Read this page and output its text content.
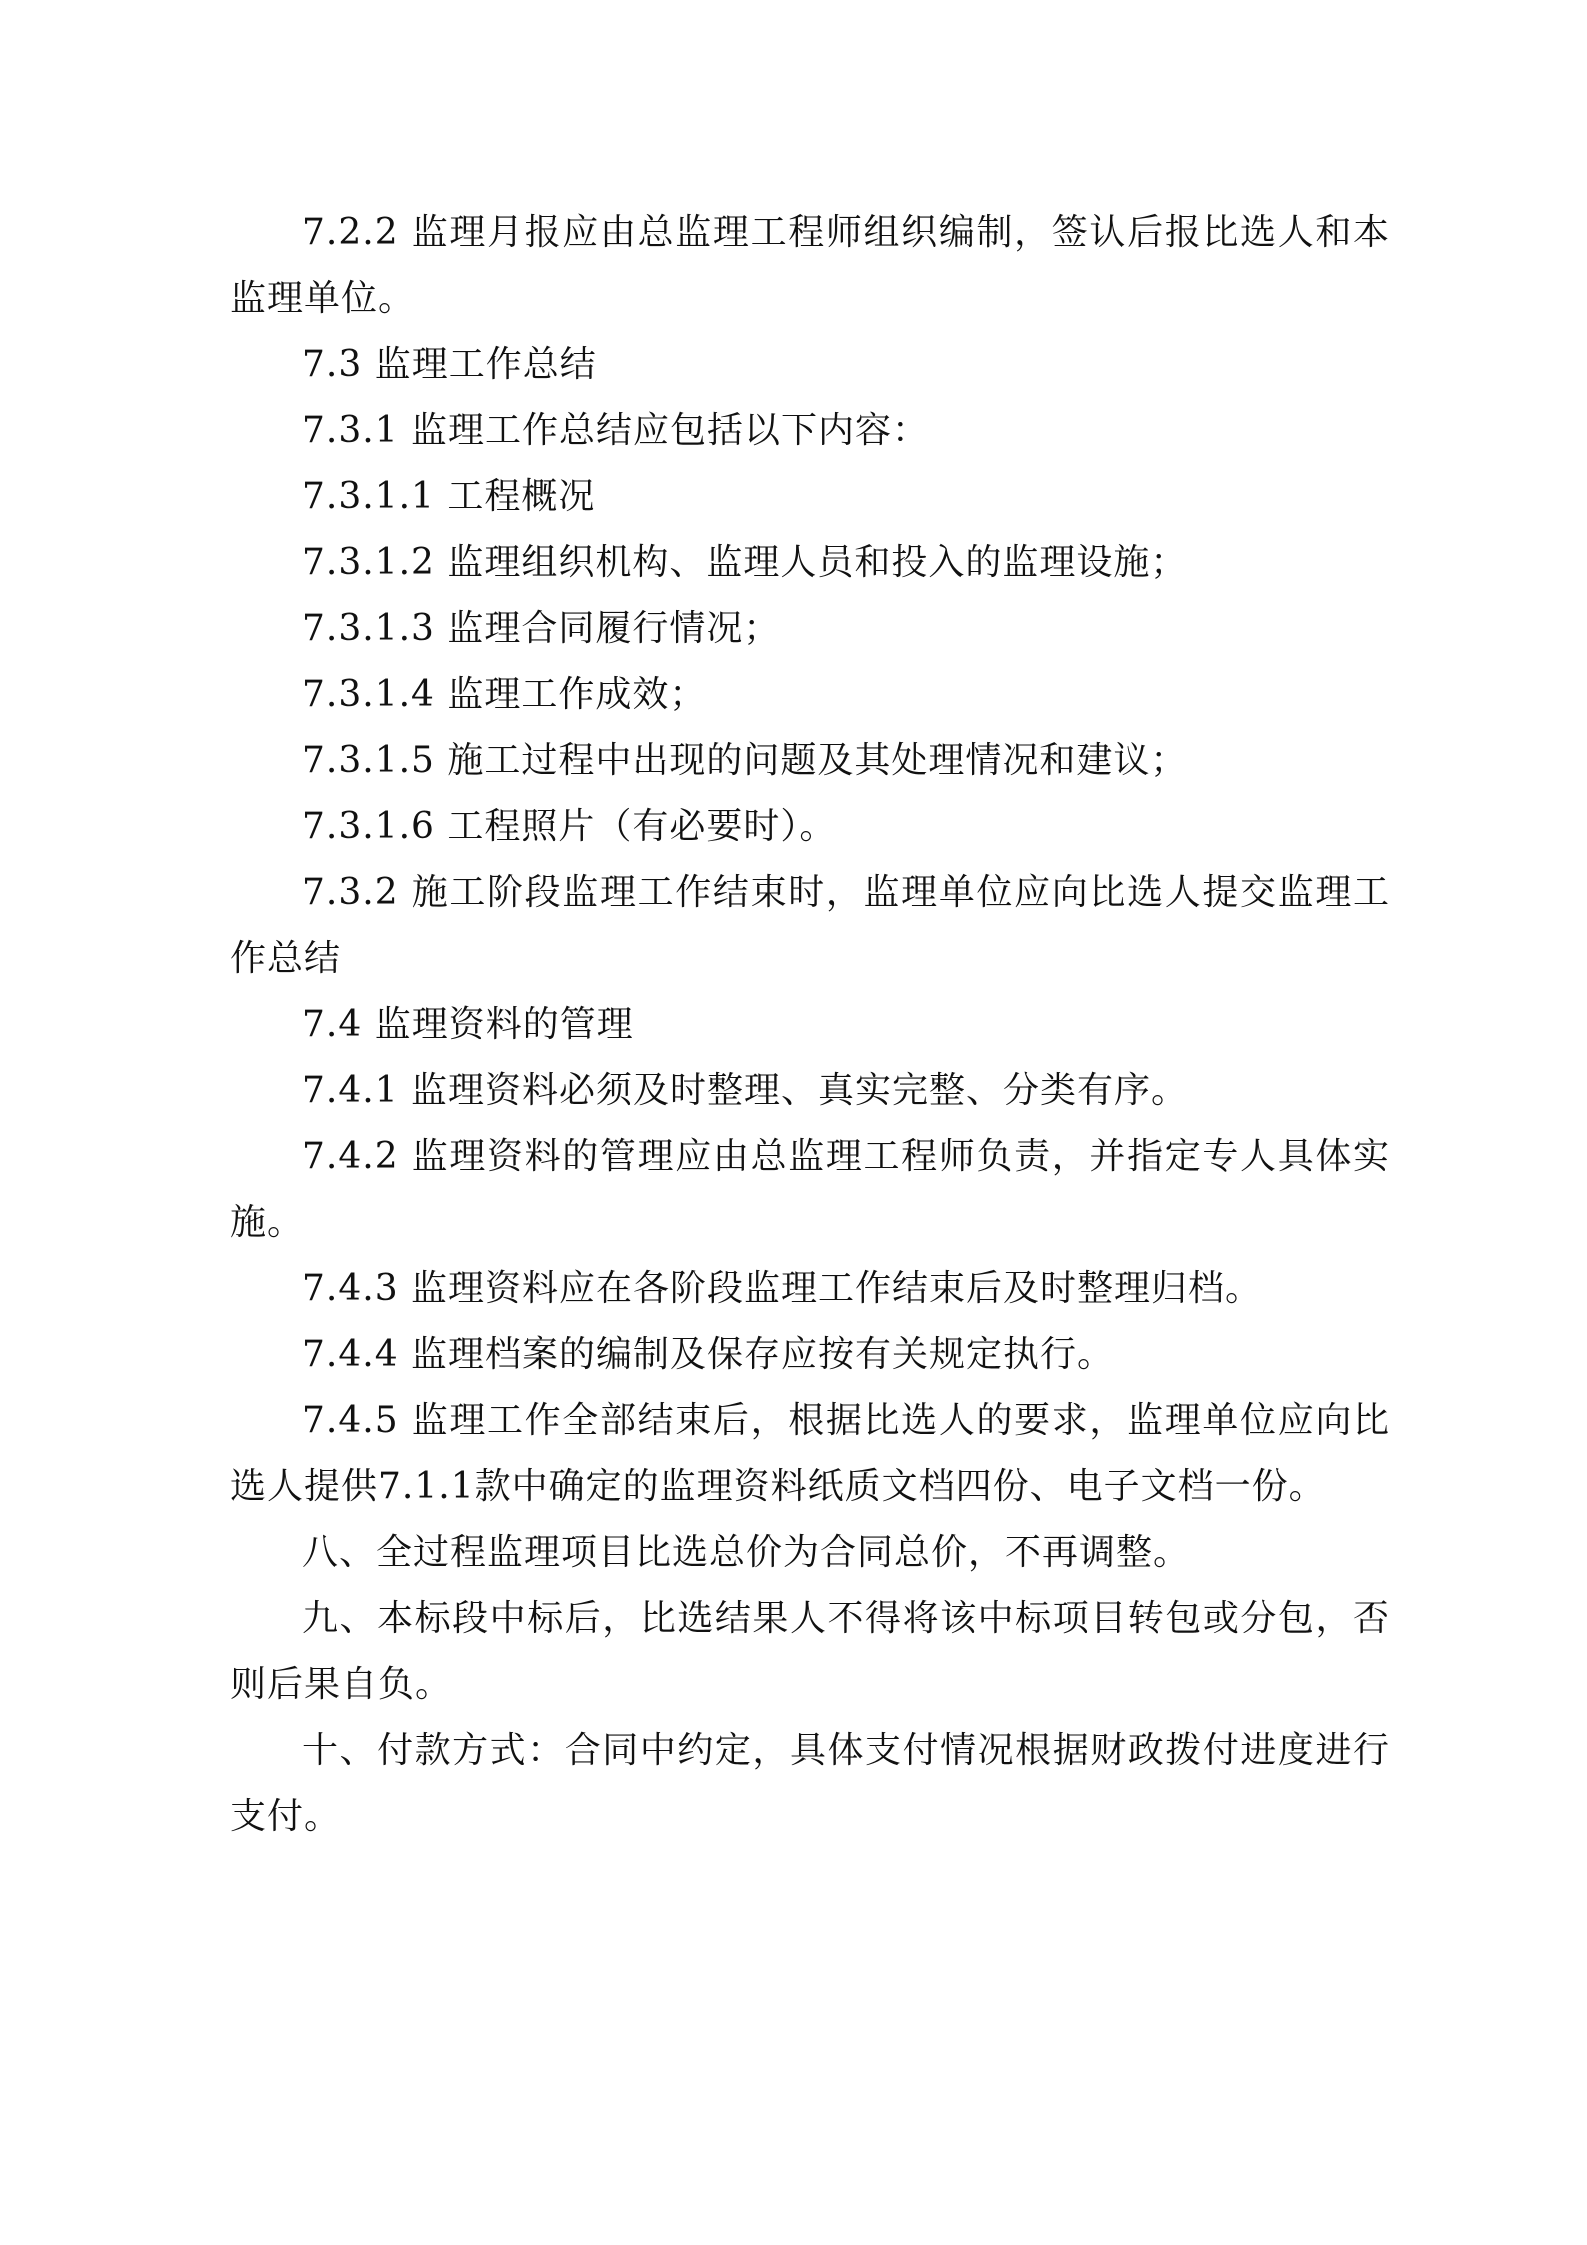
7.2.2 监理月报应由总监理工程师组织编制，签认后报比选人和本监理单位。

7.3 监理工作总结

7.3.1 监理工作总结应包括以下内容：

7.3.1.1 工程概况

7.3.1.2 监理组织机构、监理人员和投入的监理设施；

7.3.1.3 监理合同履行情况；

7.3.1.4 监理工作成效；

7.3.1.5 施工过程中出现的问题及其处理情况和建议；

7.3.1.6 工程照片（有必要时）。

7.3.2 施工阶段监理工作结束时，监理单位应向比选人提交监理工作总结

7.4 监理资料的管理

7.4.1 监理资料必须及时整理、真实完整、分类有序。

7.4.2 监理资料的管理应由总监理工程师负责，并指定专人具体实施。

7.4.3 监理资料应在各阶段监理工作结束后及时整理归档。

7.4.4 监理档案的编制及保存应按有关规定执行。

7.4.5 监理工作全部结束后，根据比选人的要求，监理单位应向比选人提供7.1.1款中确定的监理资料纸质文档四份、电子文档一份。

八、全过程监理项目比选总价为合同总价，不再调整。

九、本标段中标后，比选结果人不得将该中标项目转包或分包，否则后果自负。

十、付款方式：合同中约定，具体支付情况根据财政拨付进度进行支付。
